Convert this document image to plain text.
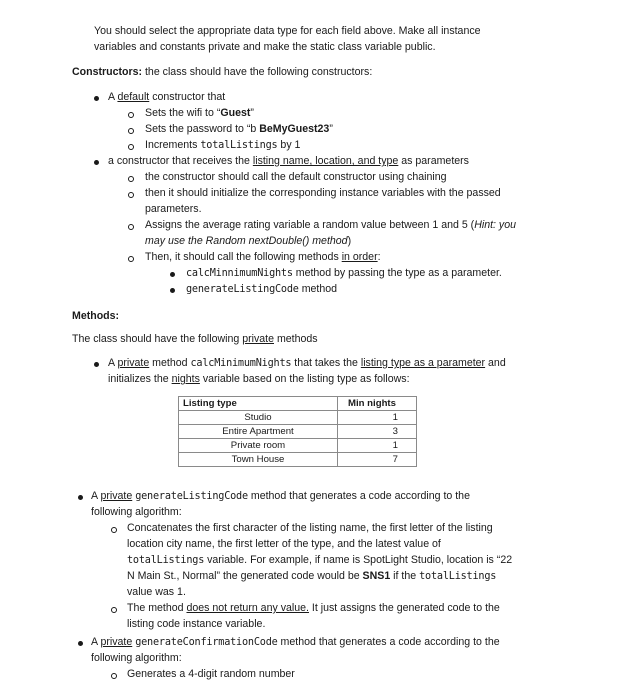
You should select the appropriate data type for each field above. Make all instance
variables and constants private and make the static class variable public.
Constructors: the class should have the following constructors:
A default constructor that
Sets the wifi to “Guest”
Sets the password to “b BeMyGuest23”
Increments totalListings by 1
a constructor that receives the listing name, location, and type as parameters
the constructor should call the default constructor using chaining
then it should initialize the corresponding instance variables with the passed
parameters.
Assigns the average rating variable a random value between 1 and 5 (Hint: you
may use the Random nextDouble() method)
Then, it should call the following methods in order:
calcMinnimumNights method by passing the type as a parameter.
generateListingCode method
Methods:
The class should have the following private methods
A private method calcMinimumNights that takes the listing type as a parameter and
initializes the nights variable based on the listing type as follows:
Listing type	Min nights
Studio	1
Entire Apartment	3
Private room	1
Town House	7
A private generateListingCode method that generates a code according to the
following algorithm:
Concatenates the first character of the listing name, the first letter of the listing
location city name, the first letter of the type, and the latest value of
totalListings variable. For example, if name is SpotLight Studio, location is “22
N Main St., Normal” the generated code would be SNS1 if the totalListings
value was 1.
The method does not return any value. It just assigns the generated code to the
listing code instance variable.
A private generateConfirmationCode method that generates a code according to the
following algorithm:
Generates a 4-digit random number
